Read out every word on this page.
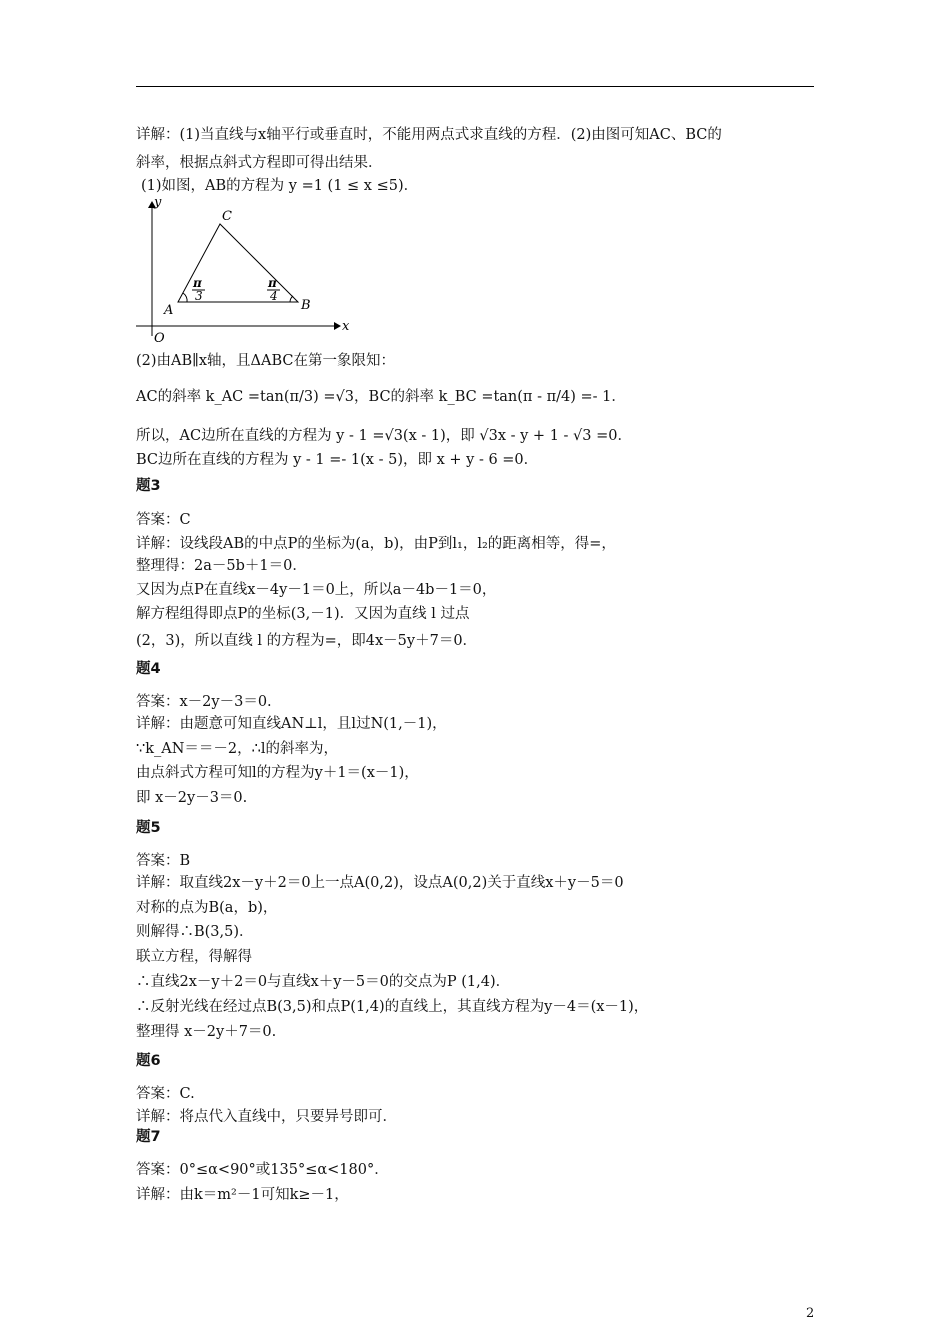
详解：(1)当直线与x轴平行或垂直时，不能用两点式求直线的方程．(2)由图可知AC、BC的
斜率，根据点斜式方程即可得出结果．
(1)如图，AB的方程为 y =1 (1 ≤ x ≤5)．
y
x
O
A	B
C
π
3
π
4
(2)由AB∥x轴，且ΔABC在第一象限知：
AC的斜率 k_AC =tan(π/3) =√3，BC的斜率 k_BC =tan(π - π/4) =- 1．
所以，AC边所在直线的方程为 y - 1 =√3(x - 1)，即 √3x - y + 1 - √3 =0．
BC边所在直线的方程为 y - 1 =- 1(x - 5)，即 x + y - 6 =0．
题3
答案：C
详解：设线段AB的中点P的坐标为(a，b)，由P到l₁，l₂的距离相等，得=，
整理得：2a－5b＋1＝0．
又因为点P在直线x－4y－1＝0上，所以a－4b－1＝0，
解方程组得即点P的坐标(3,－1)．又因为直线 l 过点
(2，3)，所以直线 l 的方程为=，即4x－5y＋7＝0．
题4
答案：x－2y－3＝0.
详解：由题意可知直线AN⊥l，且l过N(1,－1)，
∵k_AN＝＝－2，∴l的斜率为，
由点斜式方程可知l的方程为y＋1＝(x－1)，
即 x－2y－3＝0.
题5
答案：B
详解：取直线2x－y＋2＝0上一点A(0,2)，设点A(0,2)关于直线x＋y－5＝0
对称的点为B(a，b)，
则解得∴B(3,5)．
联立方程，得解得
∴直线2x－y＋2＝0与直线x＋y－5＝0的交点为P (1,4)．
∴反射光线在经过点B(3,5)和点P(1,4)的直线上，其直线方程为y－4＝(x－1)，
整理得 x－2y＋7＝0.
题6
答案：C.
详解：将点代入直线中，只要异号即可．
题7
答案：0°≤α<90°或135°≤α<180°．
详解：由k＝m²－1可知k≥－1，
2
